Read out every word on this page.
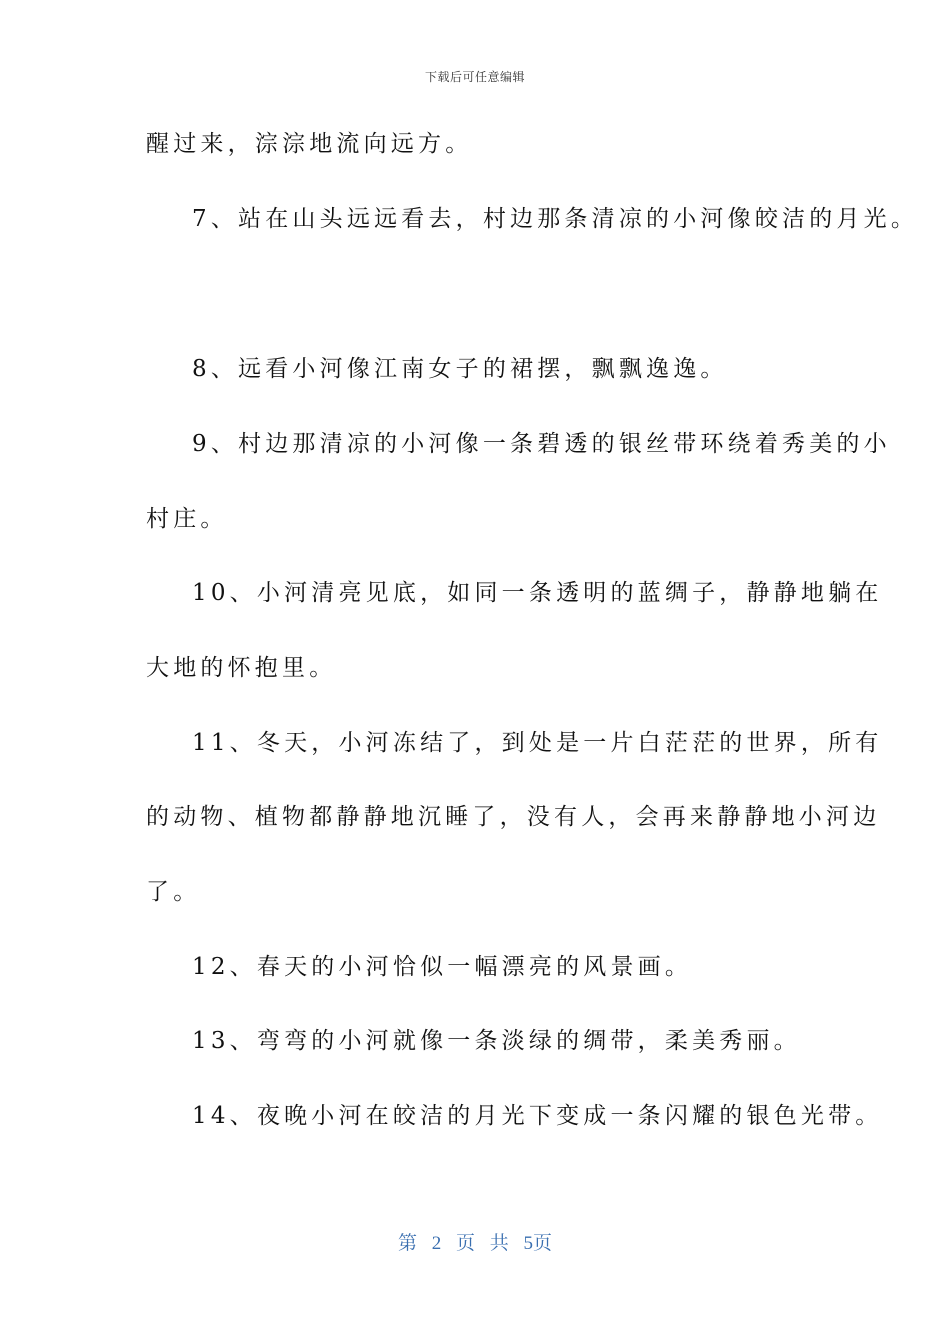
下载后可任意编辑
醒过来，淙淙地流向远方。
7、站在山头远远看去，村边那条清凉的小河像皎洁的月光。
8、远看小河像江南女子的裙摆，飘飘逸逸。
9、村边那清凉的小河像一条碧透的银丝带环绕着秀美的小
村庄。
10、小河清亮见底，如同一条透明的蓝绸子，静静地躺在
大地的怀抱里。
11、冬天，小河冻结了，到处是一片白茫茫的世界，所有
的动物、植物都静静地沉睡了，没有人，会再来静静地小河边
了。
12、春天的小河恰似一幅漂亮的风景画。
13、弯弯的小河就像一条淡绿的绸带，柔美秀丽。
14、夜晚小河在皎洁的月光下变成一条闪耀的银色光带。
第 2 页 共 5页
